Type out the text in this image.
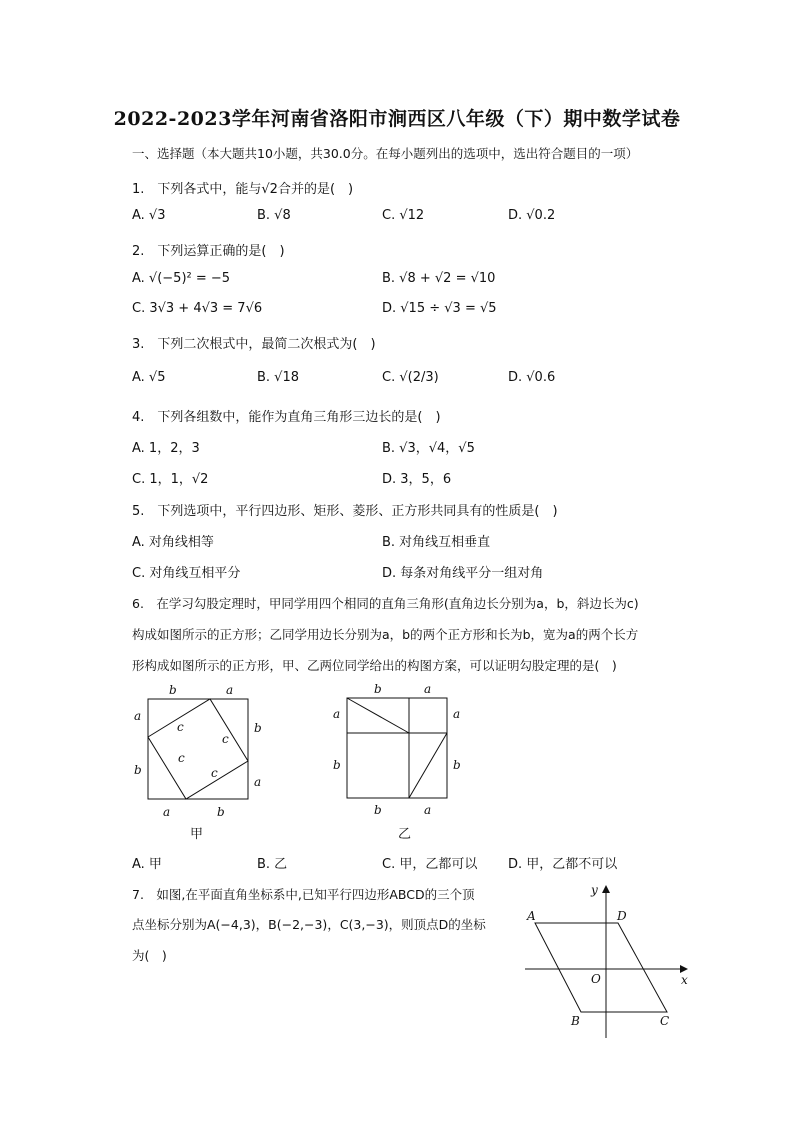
2022-2023学年河南省洛阳市涧西区八年级（下）期中数学试卷
一、选择题（本大题共10小题，共30.0分。在每小题列出的选项中，选出符合题目的一项）
1.　下列各式中，能与√2合并的是(　)
A. √3	B. √8	C. √12	D. √0.2
2.　下列运算正确的是(　)
A. √(−5)² = −5	B. √8 + √2 = √10
C. 3√3 + 4√3 = 7√6	D. √15 ÷ √3 = √5
3.　下列二次根式中，最简二次根式为(　)
A. √5	B. √18	C. √(2/3)	D. √0.6
4.　下列各组数中，能作为直角三角形三边长的是(　)
A. 1，2，3	B. √3，√4，√5
C. 1，1，√2	D. 3，5，6
5.　下列选项中，平行四边形、矩形、菱形、正方形共同具有的性质是(　)
A. 对角线相等	B. 对角线互相垂直
C. 对角线互相平分	D. 每条对角线平分一组对角
6.　在学习勾股定理时，甲同学用四个相同的直角三角形(直角边长分别为a，b，斜边长为c)
构成如图所示的正方形；乙同学用边长分别为a，b的两个正方形和长为b，宽为a的两个长方
形构成如图所示的正方形，甲、乙两位同学给出的构图方案，可以证明勾股定理的是(　)
b	a
a
b
b
a
a	b
c
c
c
c
甲
b	a
a	a
b	b
b	a
乙
A. 甲	B. 乙	C. 甲，乙都可以 D. 甲，乙都不可以
7.　如图,在平面直角坐标系中,已知平行四边形ABCD的三个顶
点坐标分别为A(−4,3)，B(−2,−3)，C(3,−3)，则顶点D的坐标
为(　)
A	D
B	C
O	x
y
